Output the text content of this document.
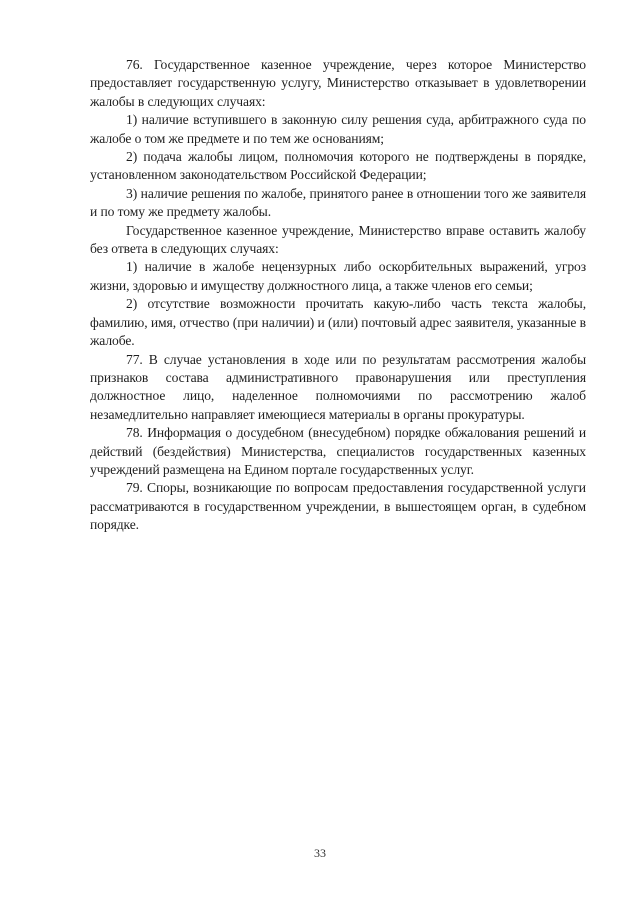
76. Государственное казенное учреждение, через которое Министерство предоставляет государственную услугу, Министерство отказывает в удовлетворении жалобы в следующих случаях:

1) наличие вступившего в законную силу решения суда, арбитражного суда по жалобе о том же предмете и по тем же основаниям;

2) подача жалобы лицом, полномочия которого не подтверждены в порядке, установленном законодательством Российской Федерации;

3) наличие решения по жалобе, принятого ранее в отношении того же заявителя и по тому же предмету жалобы.

Государственное казенное учреждение, Министерство вправе оставить жалобу без ответа в следующих случаях:

1) наличие в жалобе нецензурных либо оскорбительных выражений, угроз жизни, здоровью и имуществу должностного лица, а также членов его семьи;

2) отсутствие возможности прочитать какую-либо часть текста жалобы, фамилию, имя, отчество (при наличии) и (или) почтовый адрес заявителя, указанные в жалобе.

77. В случае установления в ходе или по результатам рассмотрения жалобы признаков состава административного правонарушения или преступления должностное лицо, наделенное полномочиями по рассмотрению жалоб незамедлительно направляет имеющиеся материалы в органы прокуратуры.

78. Информация о досудебном (внесудебном) порядке обжалования решений и действий (бездействия) Министерства, специалистов государственных казенных учреждений размещена на Едином портале государственных услуг.

79. Споры, возникающие по вопросам предоставления государственной услуги рассматриваются в государственном учреждении, в вышестоящем орган, в судебном порядке.

33
